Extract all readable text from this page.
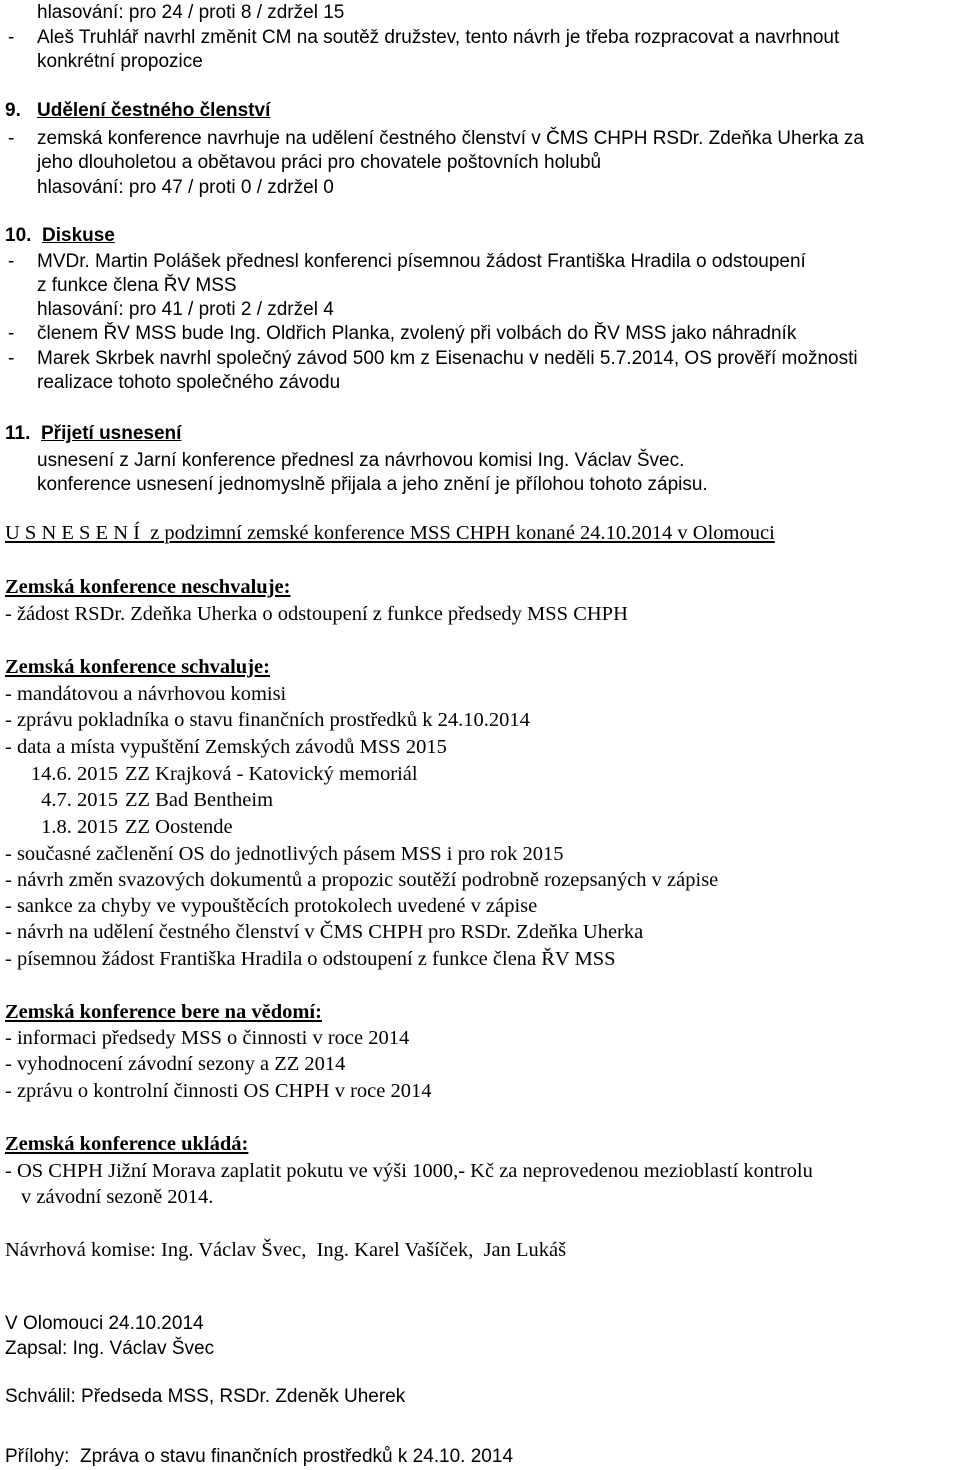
hlasování: pro 24 / proti 8 / zdržel 15
- Aleš Truhlář navrhl změnit CM na soutěž družstev, tento návrh je třeba rozpracovat a navrhnout
konkrétní propozice
9. Udělení čestného členství
- zemská konference navrhuje na udělení čestného členství v ČMS CHPH RSDr. Zdeňka Uherka za
jeho dlouholetou a obětavou práci pro chovatele poštovních holubů
hlasování: pro 47 / proti 0 / zdržel 0
10. Diskuse
- MVDr. Martin Polášek přednesl konferenci písemnou žádost Františka Hradila o odstoupení
z funkce člena ŘV MSS
hlasování: pro 41 / proti 2 / zdržel 4
- členem ŘV MSS bude Ing. Oldřich Planka, zvolený při volbách do ŘV MSS jako náhradník
- Marek Skrbek navrhl společný závod 500 km z Eisenachu v neděli 5.7.2014, OS prověří možnosti
realizace tohoto společného závodu
11. Přijetí usnesení
usnesení z Jarní konference přednesl za návrhovou komisi Ing. Václav Švec.
konference usnesení jednomyslně přijala a jeho znění je přílohou tohoto zápisu.
U S N E S E N Í  z podzimní zemské konference MSS CHPH konané 24.10.2014 v Olomouci
Zemská konference neschvaluje:
- žádost RSDr. Zdeňka Uherka o odstoupení z funkce předsedy MSS CHPH
Zemská konference schvaluje:
- mandátovou a návrhovou komisi
- zprávu pokladníka o stavu finančních prostředků k 24.10.2014
- data a místa vypuštění Zemských závodů MSS 2015
14.6. 2015 ZZ Krajková - Katovický memoriál
4.7. 2015 ZZ Bad Bentheim
1.8. 2015 ZZ Oostende
- současné začlenění OS do jednotlivých pásem MSS i pro rok 2015
- návrh změn svazových dokumentů a propozic soutěží podrobně rozepsaných v zápise
- sankce za chyby ve vypouštěcích protokolech uvedené v zápise
- návrh na udělení čestného členství v ČMS CHPH pro RSDr. Zdeňka Uherka
- písemnou žádost Františka Hradila o odstoupení z funkce člena ŘV MSS
Zemská konference bere na vědomí:
- informaci předsedy MSS o činnosti v roce 2014
- vyhodnocení závodní sezony a ZZ 2014
- zprávu o kontrolní činnosti OS CHPH v roce 2014
Zemská konference ukládá:
- OS CHPH Jižní Morava zaplatit pokutu ve výši 1000,- Kč za neprovedenou mezioblastí kontrolu
v závodní sezoně 2014.
Návrhová komise: Ing. Václav Švec,  Ing. Karel Vašíček,  Jan Lukáš
V Olomouci 24.10.2014
Zapsal: Ing. Václav Švec
Schválil: Předseda MSS, RSDr. Zdeněk Uherek
Přílohy:  Zpráva o stavu finančních prostředků k 24.10. 2014
